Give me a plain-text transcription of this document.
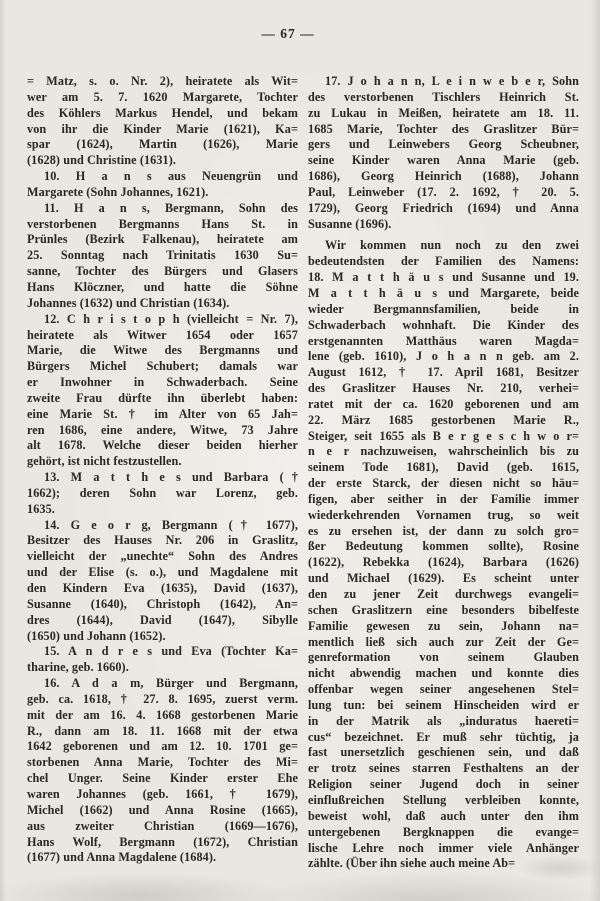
— 67 —
= Matz, s. o. Nr. 2), heiratete als Wit=
wer am 5. 7. 1620 Margarete, Tochter
des Köhlers Markus Hendel, und bekam
von ihr die Kinder Marie (1621), Ka=
spar (1624), Martin (1626), Marie
(1628) und Christine (1631).
10. H a n s aus Neuengrün und
Margarete (Sohn Johannes, 1621).
11. H a n s, Bergmann, Sohn des
verstorbenen Bergmanns Hans St. in
Prünles (Bezirk Falkenau), heiratete am
25. Sonntag nach Trinitatis 1630 Su=
sanne, Tochter des Bürgers und Glasers
Hans Klöczner, und hatte die Söhne
Johannes (1632) und Christian (1634).
12. C h r i s t o p h (vielleicht = Nr. 7),
heiratete als Witwer 1654 oder 1657
Marie, die Witwe des Bergmanns und
Bürgers Michel Schubert; damals war
er Inwohner in Schwaderbach. Seine
zweite Frau dürfte ihn überlebt haben:
eine Marie St. † im Alter von 65 Jah=
ren 1686, eine andere, Witwe, 73 Jahre
alt 1678. Welche dieser beiden hierher
gehört, ist nicht festzustellen.
13. M a t t h e s und Barbara (†
1662); deren Sohn war Lorenz, geb.
1635.
14. G e o r g, Bergmann († 1677),
Besitzer des Hauses Nr. 206 in Graslitz,
vielleicht der „unechte“ Sohn des Andres
und der Elise (s. o.), und Magdalene mit
den Kindern Eva (1635), David (1637),
Susanne (1640), Christoph (1642), An=
dres (1644), David (1647), Sibylle
(1650) und Johann (1652).
15. A n d r e s und Eva (Tochter Ka=
tharine, geb. 1660).
16. A d a m, Bürger und Bergmann,
geb. ca. 1618, † 27. 8. 1695, zuerst verm.
mit der am 16. 4. 1668 gestorbenen Marie
R., dann am 18. 11. 1668 mit der etwa
1642 geborenen und am 12. 10. 1701 ge=
storbenen Anna Marie, Tochter des Mi=
chel Unger. Seine Kinder erster Ehe
waren Johannes (geb. 1661, † 1679),
Michel (1662) und Anna Rosine (1665),
aus zweiter Christian (1669—1676),
Hans Wolf, Bergmann (1672), Christian
(1677) und Anna Magdalene (1684).
17. J o h a n n, L e i n w e b e r, Sohn
des verstorbenen Tischlers Heinrich St.
zu Lukau in Meißen, heiratete am 18. 11.
1685 Marie, Tochter des Graslitzer Bür=
gers und Leinwebers Georg Scheubner,
seine Kinder waren Anna Marie (geb.
1686), Georg Heinrich (1688), Johann
Paul, Leinweber (17. 2. 1692, † 20. 5.
1729), Georg Friedrich (1694) und Anna
Susanne (1696).
Wir kommen nun noch zu den zwei
bedeutendsten der Familien des Namens:
18. M a t t h ä u s und Susanne und 19.
M a t t h ä u s und Margarete, beide
wieder Bergmannsfamilien, beide in
Schwaderbach wohnhaft. Die Kinder des
erstgenannten Matthäus waren Magda=
lene (geb. 1610), J o h a n n geb. am 2.
August 1612, † 17. April 1681, Besitzer
des Graslitzer Hauses Nr. 210, verhei=
ratet mit der ca. 1620 geborenen und am
22. März 1685 gestorbenen Marie R.,
Steiger, seit 1655 als B e r g e s c h w o r=
n e r nachzuweisen, wahrscheinlich bis zu
seinem Tode 1681), David (geb. 1615,
der erste Starck, der diesen nicht so häu=
figen, aber seither in der Familie immer
wiederkehrenden Vornamen trug, so weit
es zu ersehen ist, der dann zu solch gro=
ßer Bedeutung kommen sollte), Rosine
(1622), Rebekka (1624), Barbara (1626)
und Michael (1629). Es scheint unter
den zu jener Zeit durchwegs evangeli=
schen Graslitzern eine besonders bibelfeste
Familie gewesen zu sein, Johann na=
mentlich ließ sich auch zur Zeit der Ge=
genreformation von seinem Glauben
nicht abwendig machen und konnte dies
offenbar wegen seiner angesehenen Stel=
lung tun: bei seinem Hinscheiden wird er
in der Matrik als „induratus haereti=
cus“ bezeichnet. Er muß sehr tüchtig, ja
fast unersetzlich geschienen sein, und daß
er trotz seines starren Festhaltens an der
Religion seiner Jugend doch in seiner
einflußreichen Stellung verbleiben konnte,
beweist wohl, daß auch unter den ihm
untergebenen Bergknappen die evange=
lische Lehre noch immer viele Anhänger
zählte. (Über ihn siehe auch meine Ab=
